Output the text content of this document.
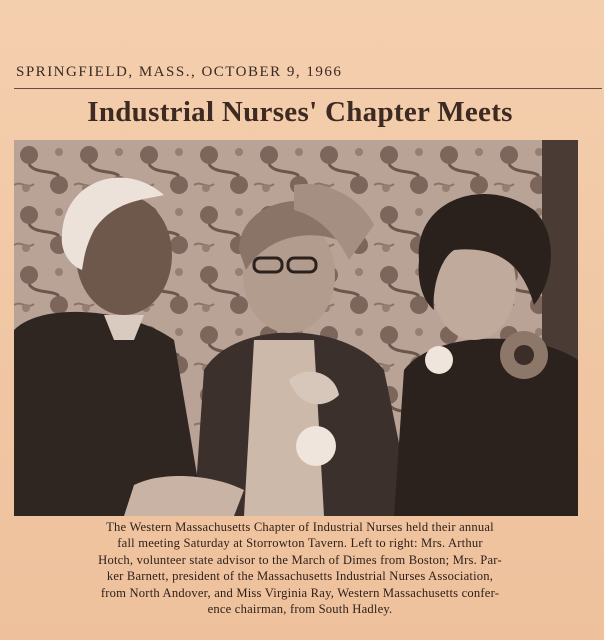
SPRINGFIELD, MASS., OCTOBER 9, 1966
Industrial Nurses' Chapter Meets
The Western Massachusetts Chapter of Industrial Nurses held their annual
fall meeting Saturday at Storrowton Tavern. Left to right: Mrs. Arthur
Hotch, volunteer state advisor to the March of Dimes from Boston; Mrs. Par-
ker Barnett, president of the Massachusetts Industrial Nurses Association,
from North Andover, and Miss Virginia Ray, Western Massachusetts confer-
ence chairman, from South Hadley.
